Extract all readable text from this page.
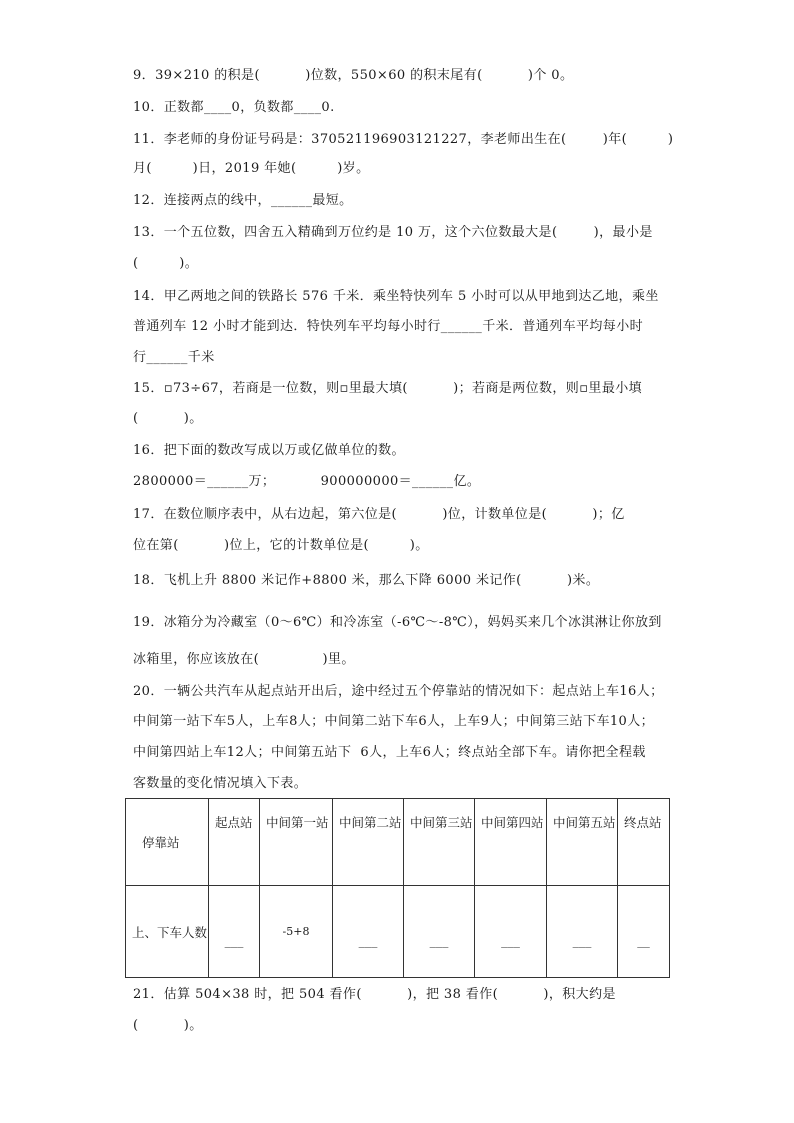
9．39×210 的积是(          )位数，550×60 的积末尾有(          )个 0。
10．正数都____0，负数都____0.
11．李老师的身份证号码是：370521196903121227，李老师出生在(        )年(         )
月(         )日，2019 年她(         )岁。
12．连接两点的线中，______最短。
13．一个五位数，四舍五入精确到万位约是 10 万，这个六位数最大是(        )，最小是
(         )。
14．甲乙两地之间的铁路长 576 千米．乘坐特快列车 5 小时可以从甲地到达乙地，乘坐
普通列车 12 小时才能到达．特快列车平均每小时行______千米．普通列车平均每小时
行______千米
15．▫73÷67，若商是一位数，则▫里最大填(          )；若商是两位数，则▫里最小填
(          )。
16．把下面的数改写成以万或亿做单位的数。
2800000＝______万；          900000000＝______亿。
17．在数位顺序表中，从右边起，第六位是(          )位，计数单位是(          )；亿
位在第(          )位上，它的计数单位是(         )。
18．飞机上升 8800 米记作+8800 米，那么下降 6000 米记作(          )米。
19．冰箱分为冷藏室（0～6℃）和冷冻室（-6℃～-8℃），妈妈买来几个冰淇淋让你放到
冰箱里，你应该放在(              )里。
20．一辆公共汽车从起点站开出后，途中经过五个停靠站的情况如下：起点站上车16人；
中间第一站下车5人，上车8人；中间第二站下车6人，上车9人；中间第三站下车10人；
中间第四站上车12人；中间第五站下  6人，上车6人；终点站全部下车。请你把全程载
客数量的变化情况填入下表。
停靠站	起点站	中间第一站	中间第二站	中间第三站	中间第四站	中间第五站	终点站
上、下车人数	___	-5+8	___	___	___	___	__
21．估算 504×38 时，把 504 看作(          )，把 38 看作(          )，积大约是
(          )。
